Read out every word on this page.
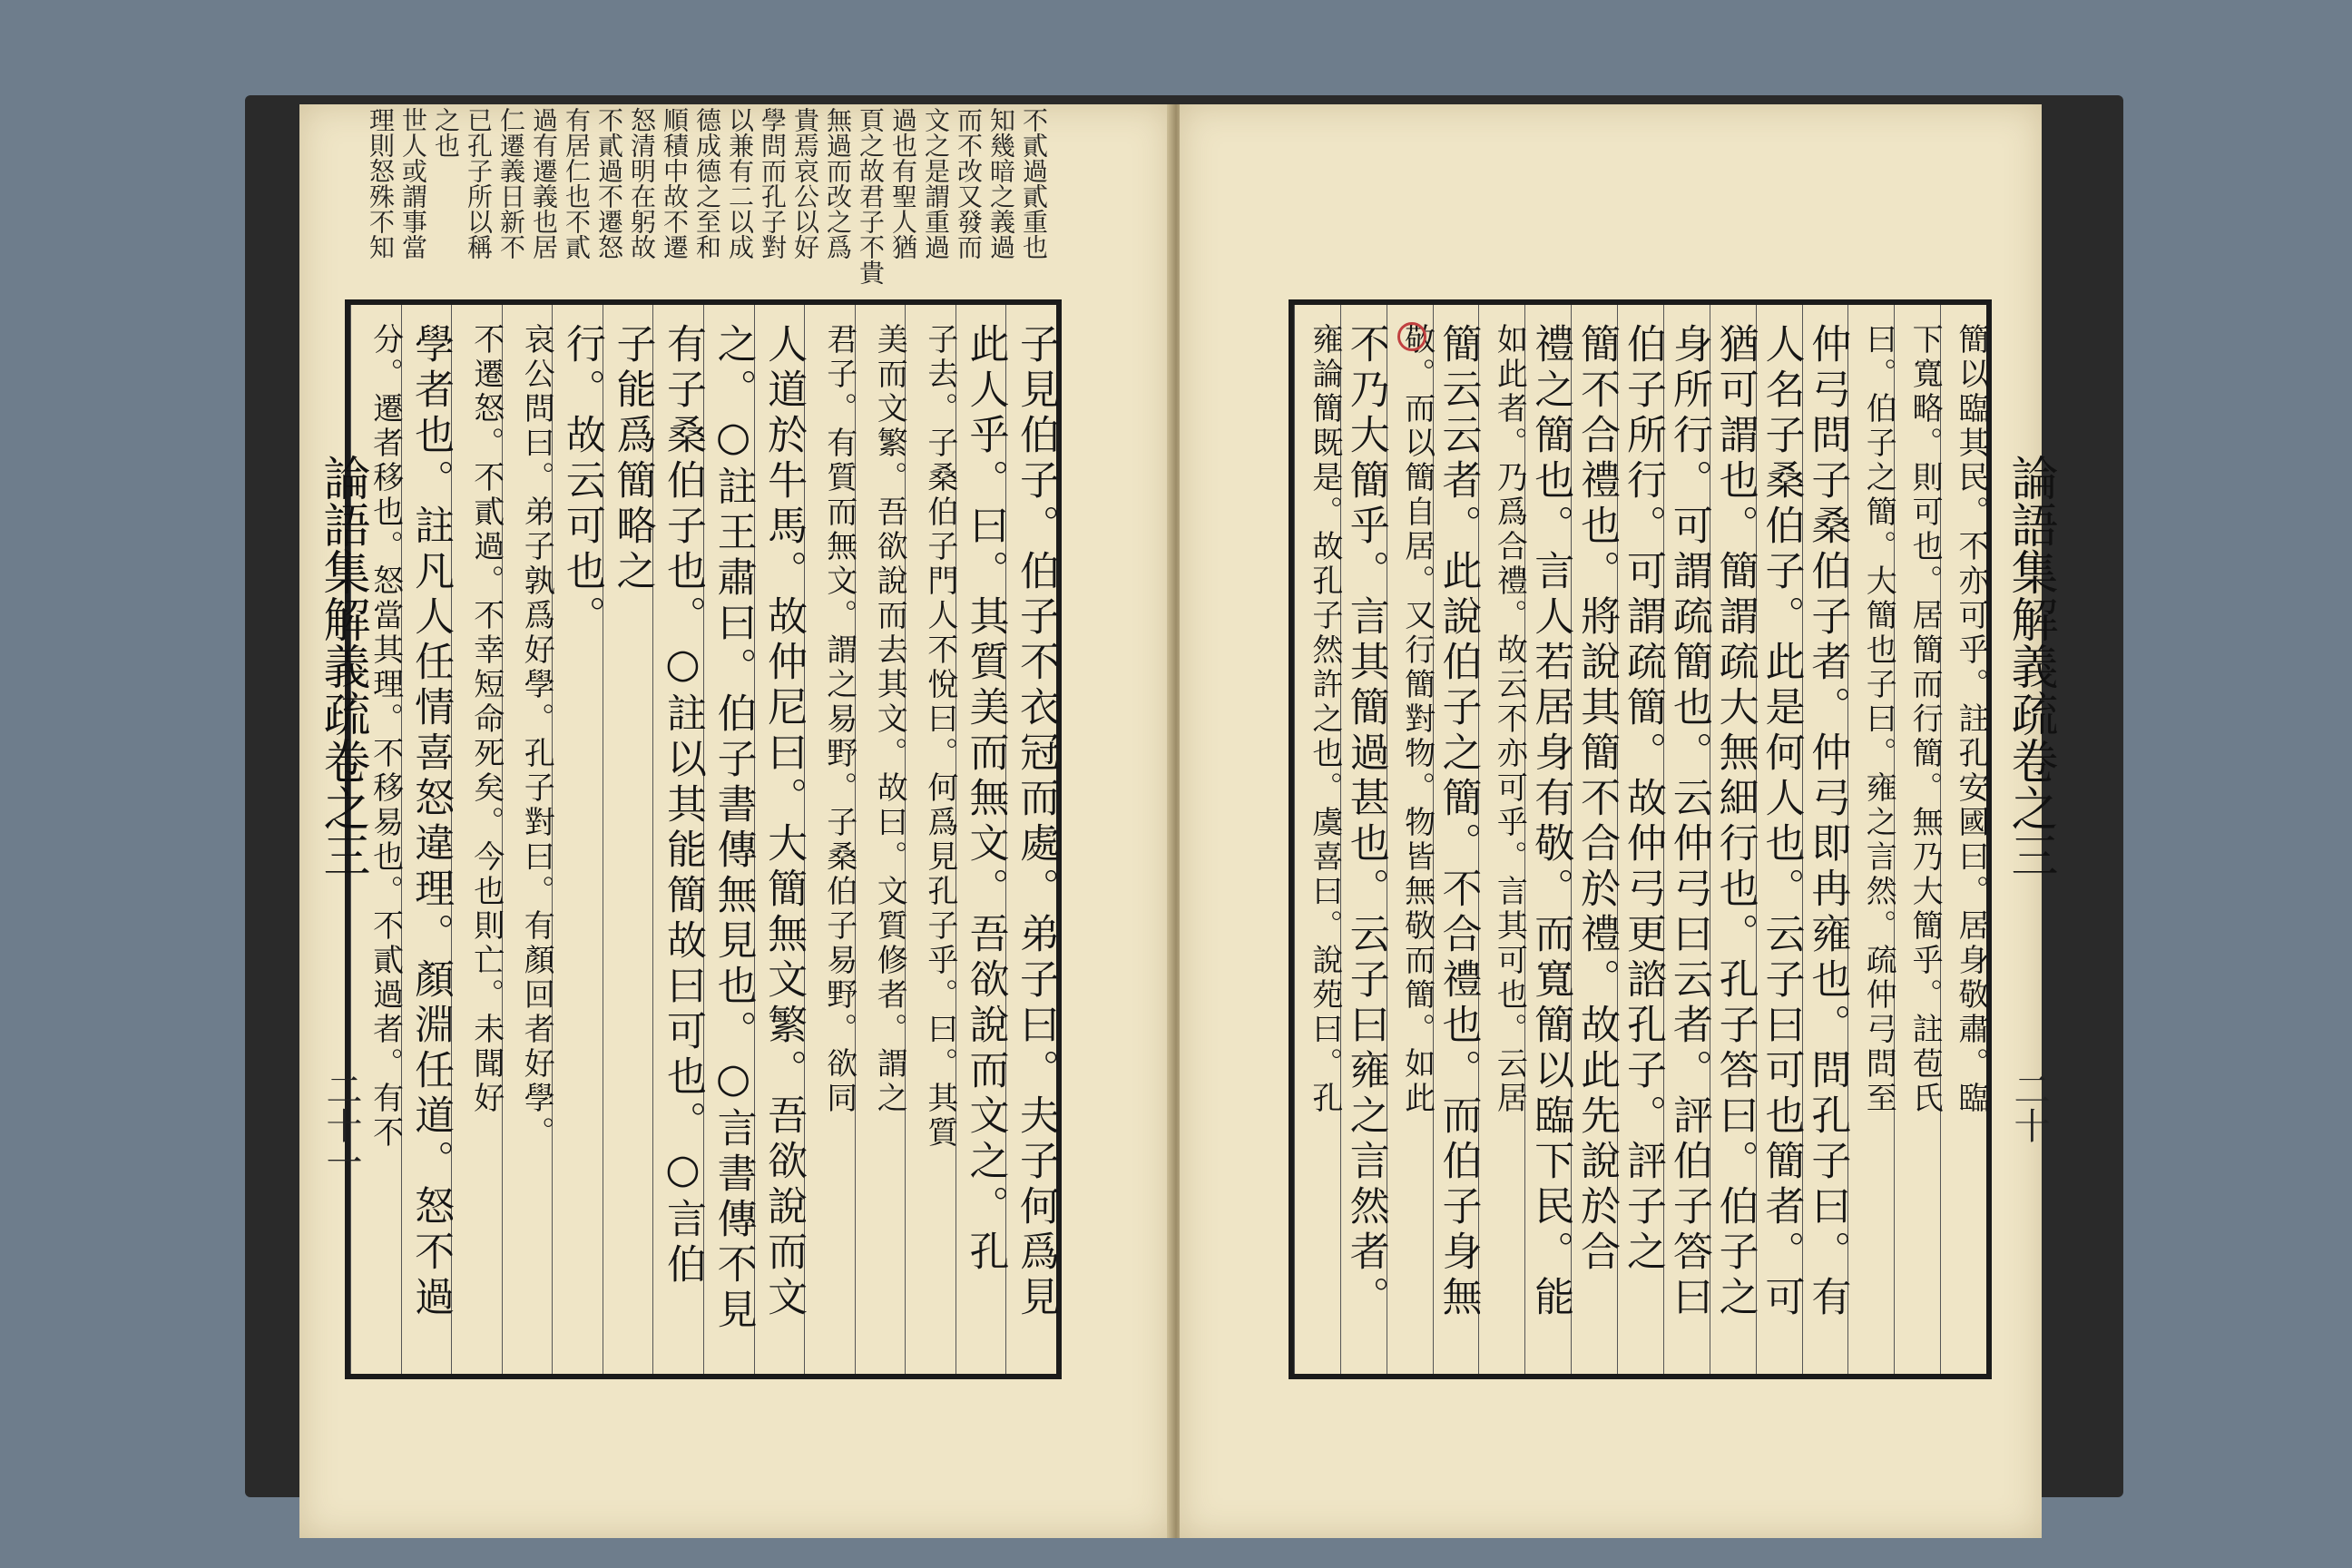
不貳過貳重也
知幾暗之義過
而不改又發而
文之是謂重過
過也有聖人猶
頁之故君子不貴
無過而改之爲
貴焉哀公以好
學問而孔子對
以兼有二以成
德成德之至和
順積中故不遷
怒清明在躬故
不貳過不遷怒
有居仁也不貳
過有遷義也居
仁遷義日新不
已孔子所以稱
之也
世人或謂事當
理則怒殊不知
子見伯子。伯子不衣冠而處。弟子曰。夫子何爲見
此人乎。曰。其質美而無文。吾欲說而文之。孔
子去。子桑伯子門人不悅曰。何爲見孔子乎。曰。其質
美而文繁。吾欲說而去其文。故曰。文質修者。謂之
君子。有質而無文。謂之易野。子桑伯子易野。欲同
人道於牛馬。故仲尼曰。大簡無文繁。吾欲說而文
之。○註王肅曰。伯子書傳無見也。○言書傳不見
有子桑伯子也。○註以其能簡故曰可也。○言伯
子能爲簡略之
行。故云可也。
哀公問曰。弟子孰爲好學。孔子對曰。有顏回者好學。
不遷怒。不貳過。不幸短命死矣。今也則亡。未聞好
學者也。註凡人任情喜怒違理。顏淵任道。怒不過
分。遷者移也。怒當其理。不移易也。不貳過者。有不
論語集解義疏卷之三
二十一
簡以臨其民。不亦可乎。註孔安國曰。居身敬肅。臨
下寬略。則可也。居簡而行簡。無乃大簡乎。註苞氏
曰。伯子之簡。大簡也子曰。雍之言然。疏仲弓問至
仲弓問子桑伯子者。仲弓即冉雍也。問孔子曰。有
人名子桑伯子。此是何人也。云子曰可也簡者。可
猶可謂也。簡謂疏大無細行也。孔子答曰。伯子之
身所行。可謂疏簡也。云仲弓曰云者。評伯子答曰
伯子所行。可謂疏簡。故仲弓更諮孔子。評子之
簡不合禮也。將說其簡不合於禮。故此先說於合
禮之簡也。言人若居身有敬。而寬簡以臨下民。能
如此者。乃爲合禮。故云不亦可乎。言其可也。云居
簡云云者。此說伯子之簡。不合禮也。而伯子身無
敬。而以簡自居。又行簡對物。物皆無敬而簡。如此
不乃大簡乎。言其簡過甚也。云子曰雍之言然者。
雍論簡既是。故孔子然許之也。虞喜曰。說苑曰。孔	論語集解義疏卷之三
二十
